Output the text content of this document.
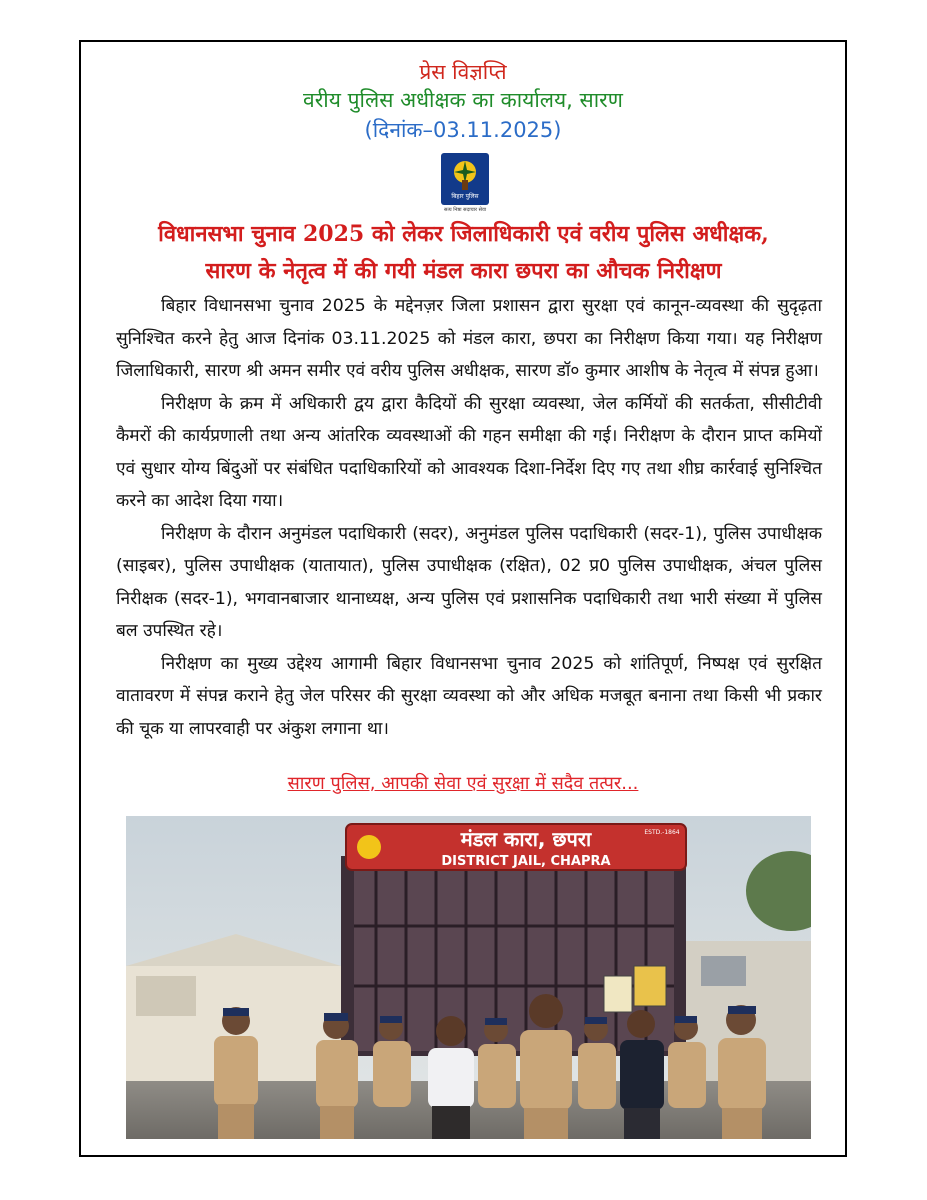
प्रेस विज्ञप्ति
वरीय पुलिस अधीक्षक का कार्यालय, सारण
(दिनांक–03.11.2025)
बिहार पुलिस
सत्य निष्ठा सदाचार सेवा
विधानसभा चुनाव 2025 को लेकर जिलाधिकारी एवं वरीय पुलिस अधीक्षक,
सारण के नेतृत्व में की गयी मंडल कारा छपरा का औचक निरीक्षण

बिहार विधानसभा चुनाव 2025 के मद्देनज़र जिला प्रशासन द्वारा सुरक्षा एवं कानून-व्यवस्था की सुदृढ़ता सुनिश्चित करने हेतु आज दिनांक 03.11.2025 को मंडल कारा, छपरा का निरीक्षण किया गया। यह निरीक्षण जिलाधिकारी, सारण श्री अमन समीर एवं वरीय पुलिस अधीक्षक, सारण डॉ० कुमार आशीष के नेतृत्व में संपन्न हुआ।

निरीक्षण के क्रम में अधिकारी द्वय द्वारा कैदियों की सुरक्षा व्यवस्था, जेल कर्मियों की सतर्कता, सीसीटीवी कैमरों की कार्यप्रणाली तथा अन्य आंतरिक व्यवस्थाओं की गहन समीक्षा की गई। निरीक्षण के दौरान प्राप्त कमियों एवं सुधार योग्य बिंदुओं पर संबंधित पदाधिकारियों को आवश्यक दिशा-निर्देश दिए गए तथा शीघ्र कार्रवाई सुनिश्चित करने का आदेश दिया गया।

निरीक्षण के दौरान अनुमंडल पदाधिकारी (सदर), अनुमंडल पुलिस पदाधिकारी (सदर-1), पुलिस उपाधीक्षक (साइबर), पुलिस उपाधीक्षक (यातायात), पुलिस उपाधीक्षक (रक्षित), 02 प्र0 पुलिस उपाधीक्षक, अंचल पुलिस निरीक्षक (सदर-1), भगवानबाजार थानाध्यक्ष, अन्य पुलिस एवं प्रशासनिक पदाधिकारी तथा भारी संख्या में पुलिस बल उपस्थित रहे।

निरीक्षण का मुख्य उद्देश्य आगामी बिहार विधानसभा चुनाव 2025 को शांतिपूर्ण, निष्पक्ष एवं सुरक्षित वातावरण में संपन्न कराने हेतु जेल परिसर की सुरक्षा व्यवस्था को और अधिक मजबूत बनाना तथा किसी भी प्रकार की चूक या लापरवाही पर अंकुश लगाना था।

सारण पुलिस, आपकी सेवा एवं सुरक्षा में सदैव तत्पर...
मंडल कारा, छपरा
DISTRICT JAIL, CHAPRA
ESTD.-1864
